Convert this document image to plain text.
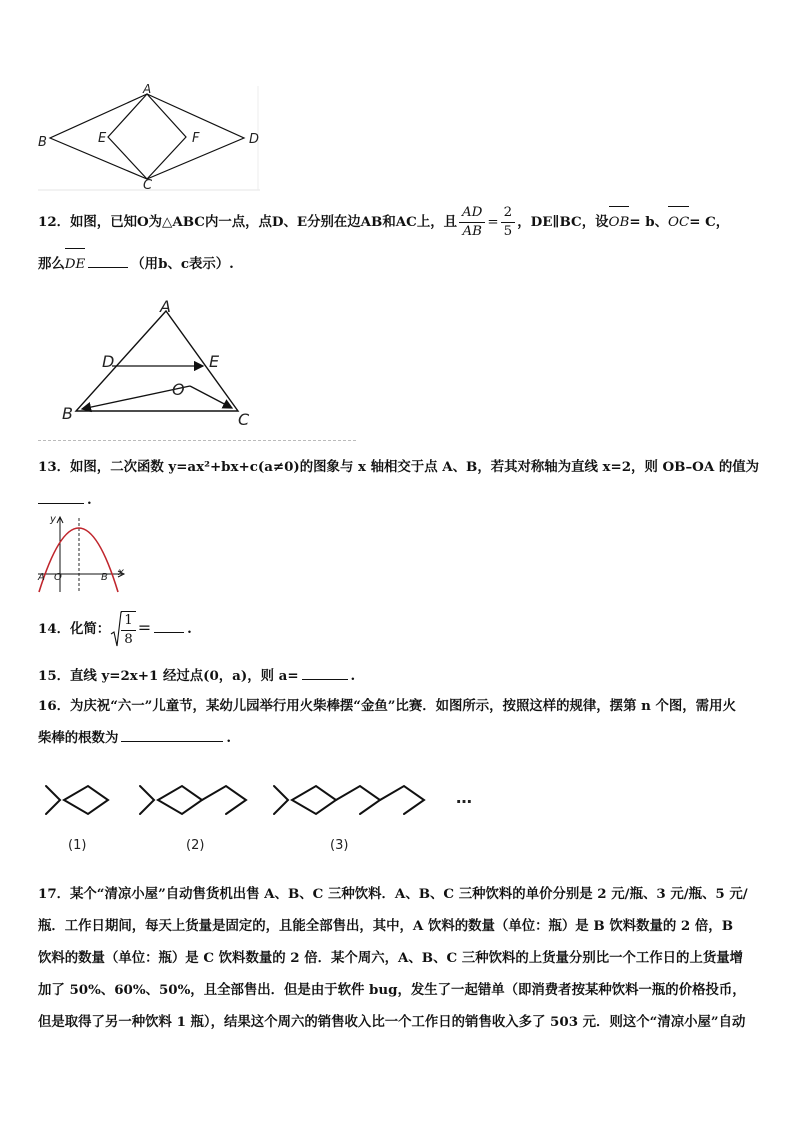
A
B	E	F	D
C
12．如图，已知O为△ABC内一点，点D、E分别在边AB和AC上，且 $\frac{AD}{AB} = \frac{2}{5}$ ，DE∥BC，设OB= b、OC= C，
那么DE	（用b、c表示）.
A
D	E
O
B	C
13．如图，二次函数 y=ax²+bx+c(a≠0)的图象与 x 轴相交于点 A、B，若其对称轴为直线 x=2，则 OB–OA 的值为
.
y
x
A O	B
14．化简： $\frac{1}{8}$ =	.
15．直线 y=2x+1 经过点(0，a)，则 a=	.
16．为庆祝“六一”儿童节，某幼儿园举行用火柴棒摆“金鱼”比赛．如图所示，按照这样的规律，摆第 n 个图，需用火
柴棒的根数为	.
(1)	(2)	(3)
…
17．某个“清凉小屋”自动售货机出售 A、B、C 三种饮料．A、B、C 三种饮料的单价分别是 2 元/瓶、3 元/瓶、5 元/
瓶．工作日期间，每天上货量是固定的，且能全部售出，其中，A 饮料的数量（单位：瓶）是 B 饮料数量的 2 倍，B
饮料的数量（单位：瓶）是 C 饮料数量的 2 倍．某个周六，A、B、C 三种饮料的上货量分别比一个工作日的上货量增
加了 50%、60%、50%，且全部售出．但是由于软件 bug，发生了一起错单（即消费者按某种饮料一瓶的价格投币，
但是取得了另一种饮料 1 瓶），结果这个周六的销售收入比一个工作日的销售收入多了 503 元．则这个“清凉小屋”自动
